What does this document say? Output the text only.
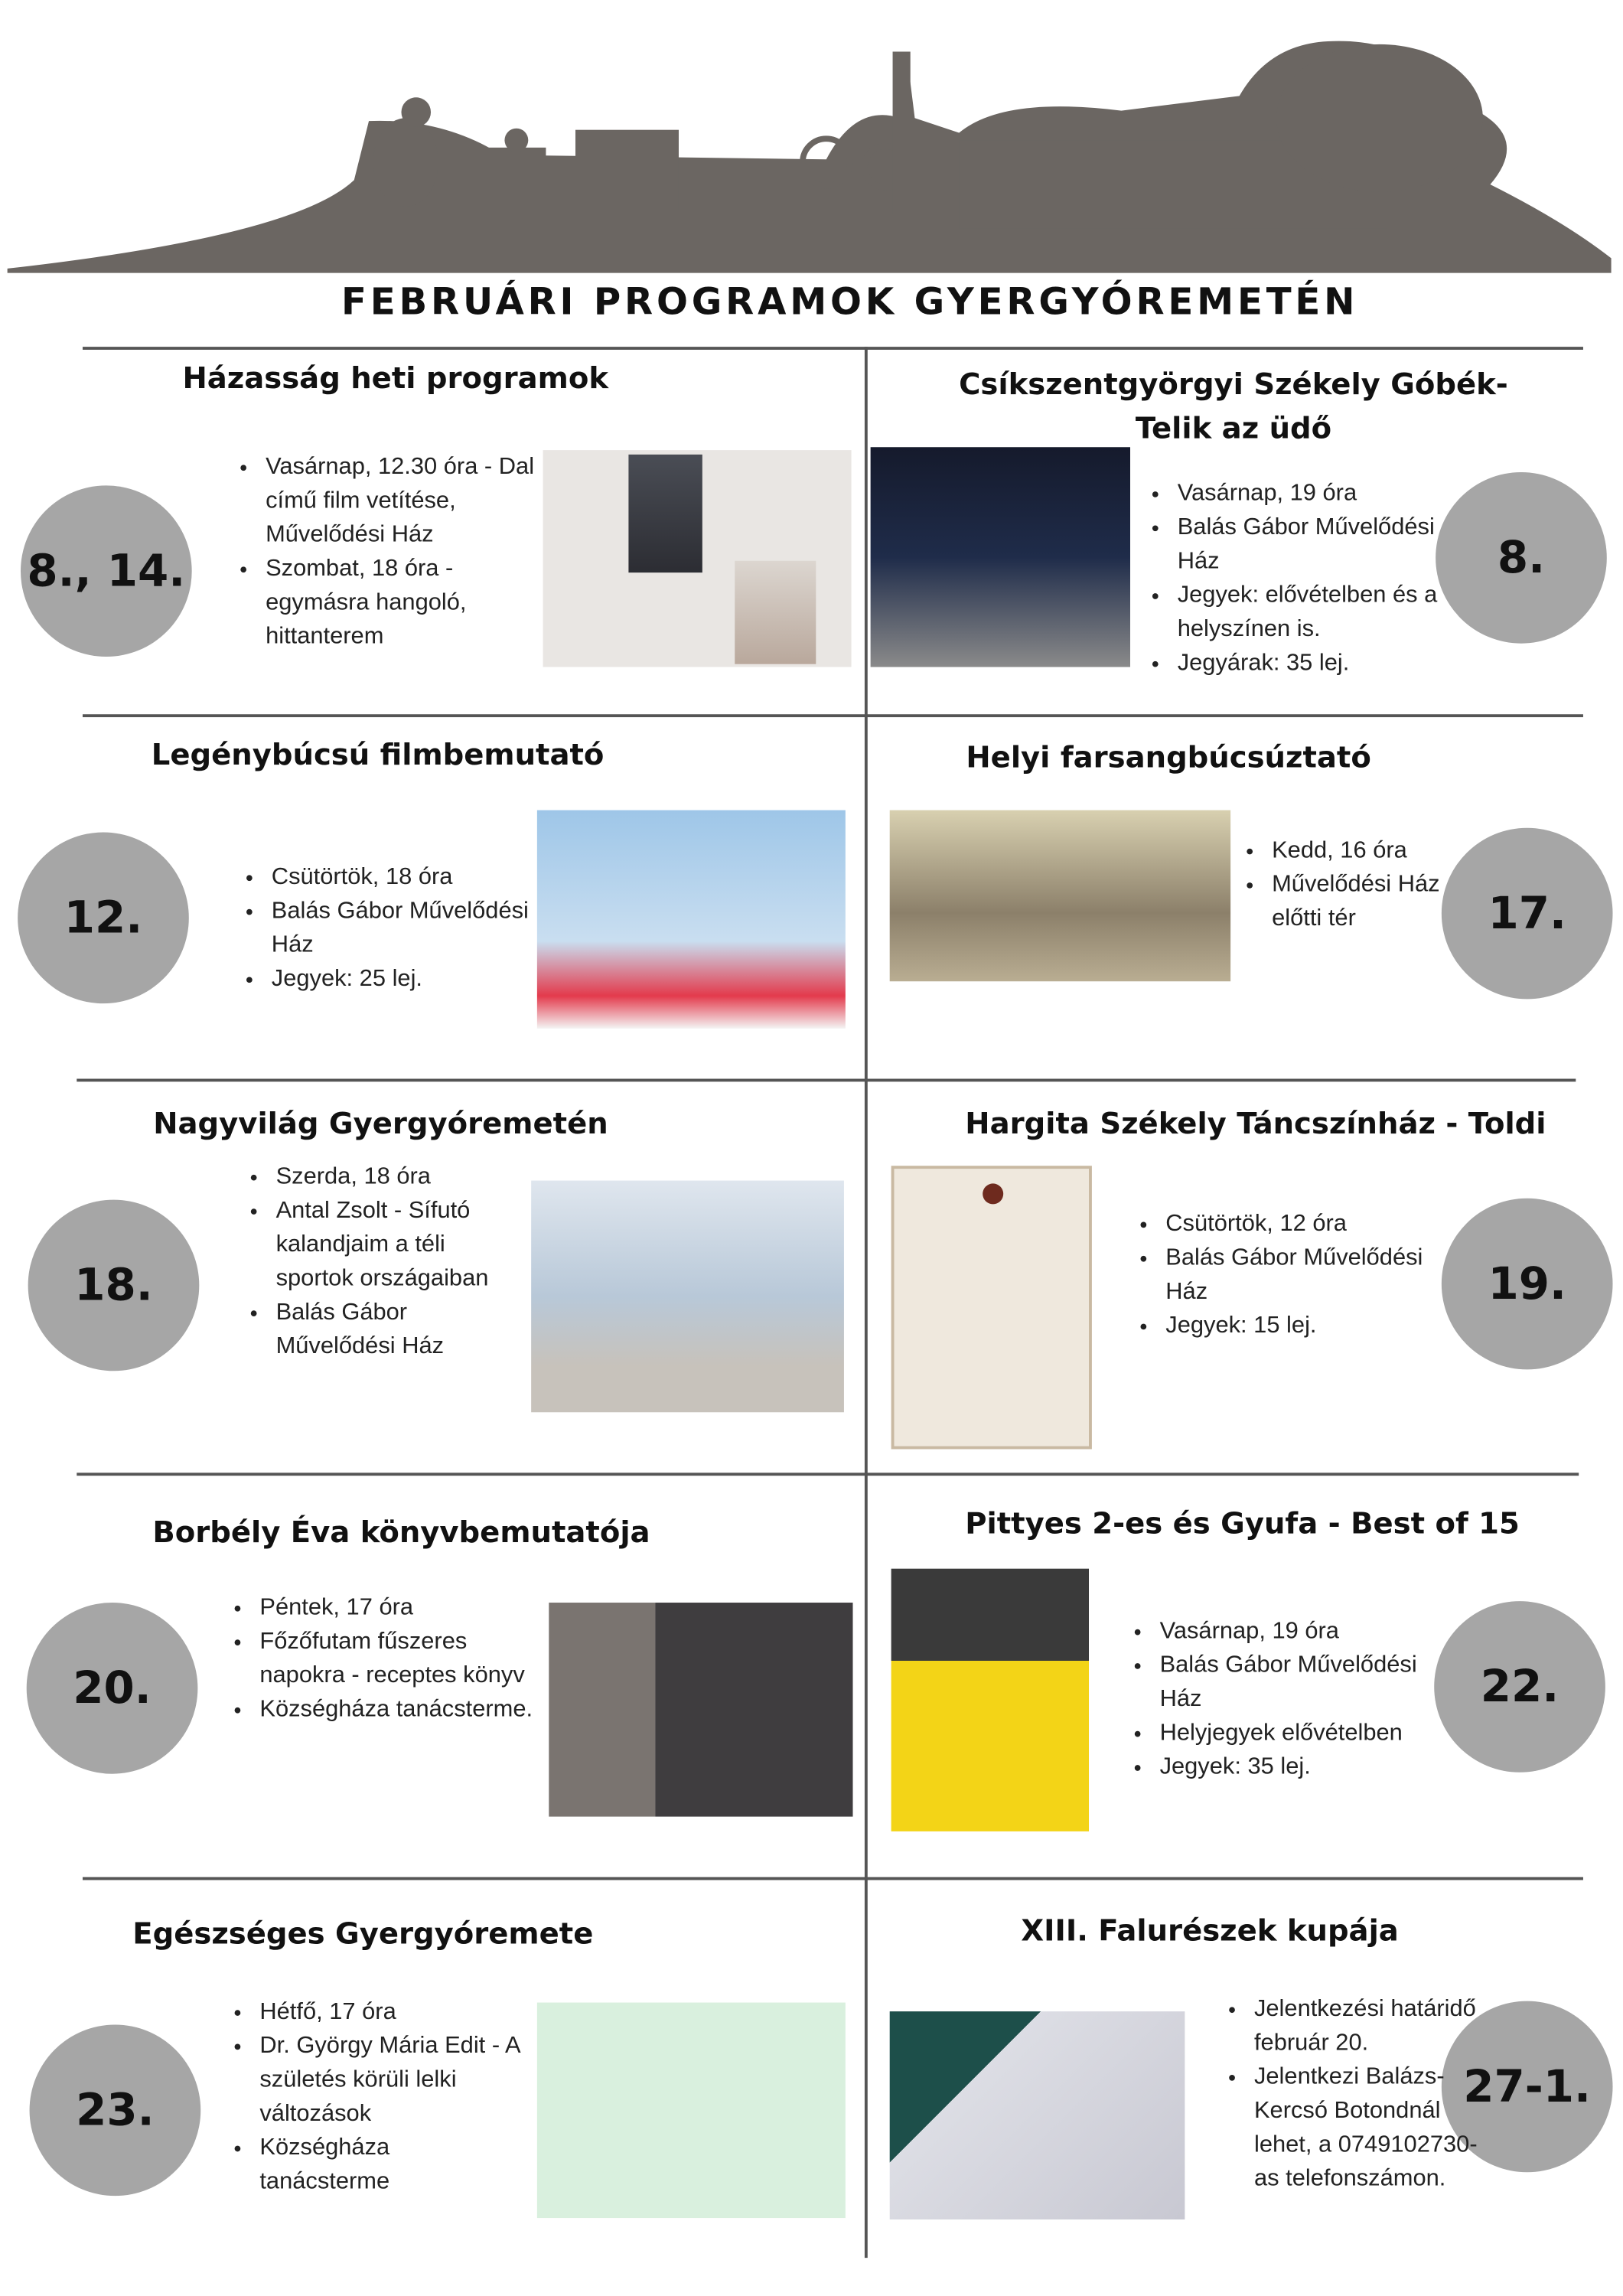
FEBRUÁRI PROGRAMOK GYERGYÓREMETÉN
Házasság heti programok
8., 14.
• Vasárnap, 12.30 óra - Dal című film vetítése, Művelődési Ház
• Szombat, 18 óra - egymásra hangoló, hittanterem
Csíkszentgyörgyi Székely Góbék-
Telik az üdő
• Vasárnap, 19 óra
• Balás Gábor Művelődési Ház
• Jegyek: elővételben és a helyszínen is.
• Jegyárak: 35 lej.
8.
Legénybúcsú filmbemutató
12.
• Csütörtök, 18 óra
• Balás Gábor Művelődési Ház
• Jegyek: 25 lej.
Helyi farsangbúcsúztató
• Kedd, 16 óra
• Művelődési Ház előtti tér	17.
Nagyvilág Gyergyóremetén
18.
• Szerda, 18 óra
• Antal Zsolt - Sífutó kalandjaim a téli sportok országaiban
• Balás Gábor Művelődési Ház
Hargita Székely Táncszínház - Toldi
• Csütörtök, 12 óra
• Balás Gábor Művelődési Ház
• Jegyek: 15 lej.
19.
Borbély Éva könyvbemutatója
20.
• Péntek, 17 óra
• Főzőfutam fűszeres napokra - receptes könyv
• Községháza tanácsterme.
Pittyes 2-es és Gyufa - Best of 15
• Vasárnap, 19 óra
• Balás Gábor Művelődési Ház
• Helyjegyek elővételben
• Jegyek: 35 lej.
22.
Egészséges Gyergyóremete
23.
• Hétfő, 17 óra
• Dr. György Mária Edit - A születés körüli lelki változások
• Községháza tanácsterme
XIII. Falurészek kupája
• Jelentkezési határidő február 20.
• Jelentkezi Balázs-Kercsó Botondnál lehet, a 0749102730-as telefonszámon.
27-1.
